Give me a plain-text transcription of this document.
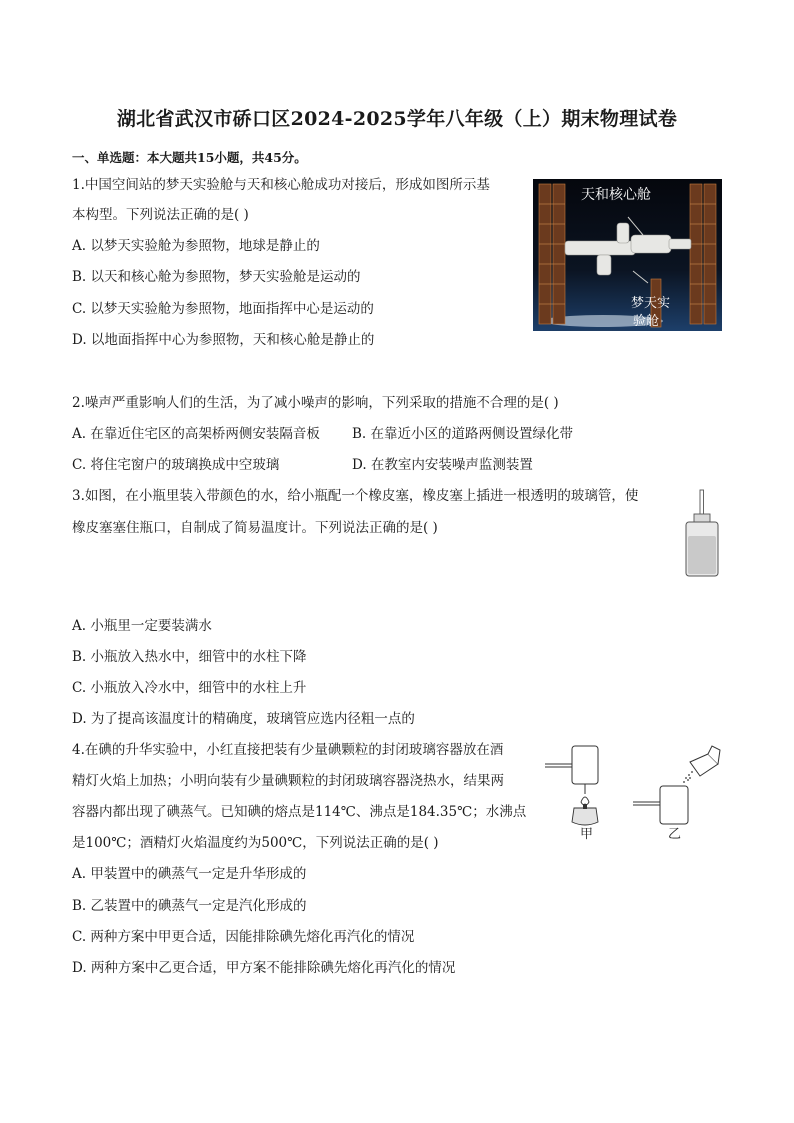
湖北省武汉市硚口区2024-2025学年八年级（上）期末物理试卷
一、单选题：本大题共15小题，共45分。
1.中国空间站的梦天实验舱与天和核心舱成功对接后，形成如图所示基
本构型。下列说法正确的是( )
A. 以梦天实验舱为参照物，地球是静止的
B. 以天和核心舱为参照物，梦天实验舱是运动的
C. 以梦天实验舱为参照物，地面指挥中心是运动的
D. 以地面指挥中心为参照物，天和核心舱是静止的
天和核心舱
梦天实
验舱
2.噪声严重影响人们的生活，为了减小噪声的影响，下列采取的措施不合理的是( )
A. 在靠近住宅区的高架桥两侧安装隔音板 B. 在靠近小区的道路两侧设置绿化带
C. 将住宅窗户的玻璃换成中空玻璃	D. 在教室内安装噪声监测装置
3.如图，在小瓶里装入带颜色的水，给小瓶配一个橡皮塞，橡皮塞上插进一根透明的玻璃管，使
橡皮塞塞住瓶口，自制成了简易温度计。下列说法正确的是( )
A. 小瓶里一定要装满水
B. 小瓶放入热水中，细管中的水柱下降
C. 小瓶放入冷水中，细管中的水柱上升
D. 为了提高该温度计的精确度，玻璃管应选内径粗一点的
4.在碘的升华实验中，小红直接把装有少量碘颗粒的封闭玻璃容器放在酒
精灯火焰上加热；小明向装有少量碘颗粒的封闭玻璃容器浇热水，结果两
容器内都出现了碘蒸气。已知碘的熔点是114℃、沸点是184.35℃；水沸点
是100℃；酒精灯火焰温度约为500℃，下列说法正确的是( )
甲	乙
A. 甲装置中的碘蒸气一定是升华形成的
B. 乙装置中的碘蒸气一定是汽化形成的
C. 两种方案中甲更合适，因能排除碘先熔化再汽化的情况
D. 两种方案中乙更合适，甲方案不能排除碘先熔化再汽化的情况
